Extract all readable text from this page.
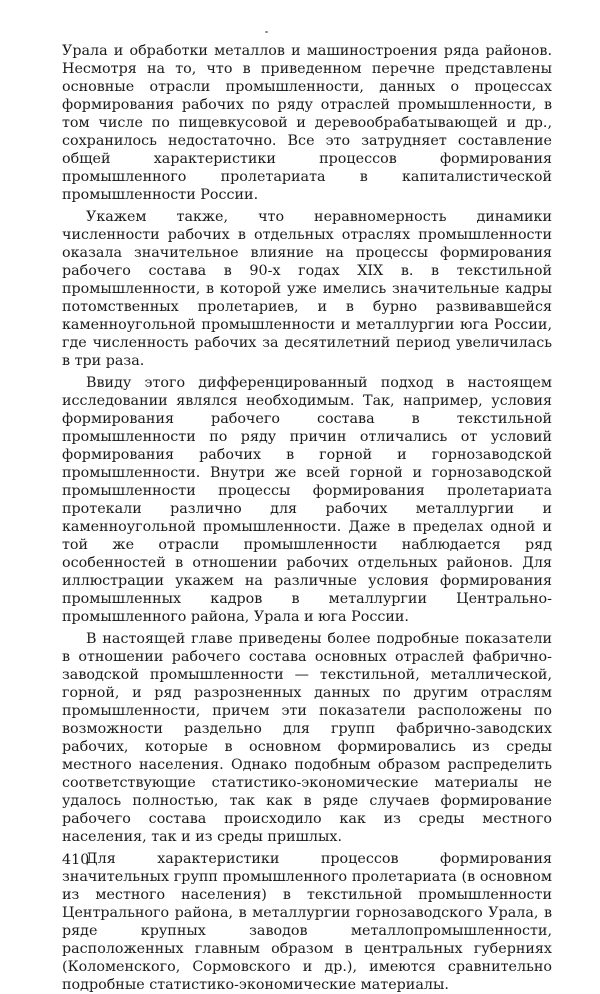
Урала и обработки металлов и машиностроения ряда районов. Несмотря на то, что в приведенном перечне представлены основные отрасли промышленности, данных о процессах формирования рабочих по ряду отраслей промышленности, в том числе по пищевкусовой и деревообрабатывающей и др., сохранилось недостаточно. Все это затрудняет составление общей характеристики процессов формирования промышленного пролетариата в капиталистической промышленности России.

Укажем также, что неравномерность динамики численности рабочих в отдельных отраслях промышленности оказала значительное влияние на процессы формирования рабочего состава в 90-х годах XIX в. в текстильной промышленности, в которой уже имелись значительные кадры потомственных пролетариев, и в бурно развивавшейся каменноугольной промышленности и металлургии юга России, где численность рабочих за десятилетний период увеличилась в три раза.

Ввиду этого дифференцированный подход в настоящем исследовании являлся необходимым. Так, например, условия формирования рабочего состава в текстильной промышленности по ряду причин отличались от условий формирования рабочих в горной и горнозаводской промышленности. Внутри же всей горной и горнозаводской промышленности процессы формирования пролетариата протекали различно для рабочих металлургии и каменноугольной промышленности. Даже в пределах одной и той же отрасли промышленности наблюдается ряд особенностей в отношении рабочих отдельных районов. Для иллюстрации укажем на различные условия формирования промышленных кадров в металлургии Центрально-промышленного района, Урала и юга России.

В настоящей главе приведены более подробные показатели в отношении рабочего состава основных отраслей фабрично-заводской промышленности — текстильной, металлической, горной, и ряд разрозненных данных по другим отраслям промышленности, причем эти показатели расположены по возможности раздельно для групп фабрично-заводских рабочих, которые в основном формировались из среды местного населения. Однако подобным образом распределить соответствующие статистико-экономические материалы не удалось полностью, так как в ряде случаев формирование рабочего состава происходило как из среды местного населения, так и из среды пришлых.

Для характеристики процессов формирования значительных групп промышленного пролетариата (в основном из местного населения) в текстильной промышленности Центрального района, в металлургии горнозаводского Урала, в ряде крупных заводов металлопромышленности, расположенных главным образом в центральных губерниях (Коломенского, Сормовского и др.), имеются сравнительно подробные статистико-экономические материалы.

410
